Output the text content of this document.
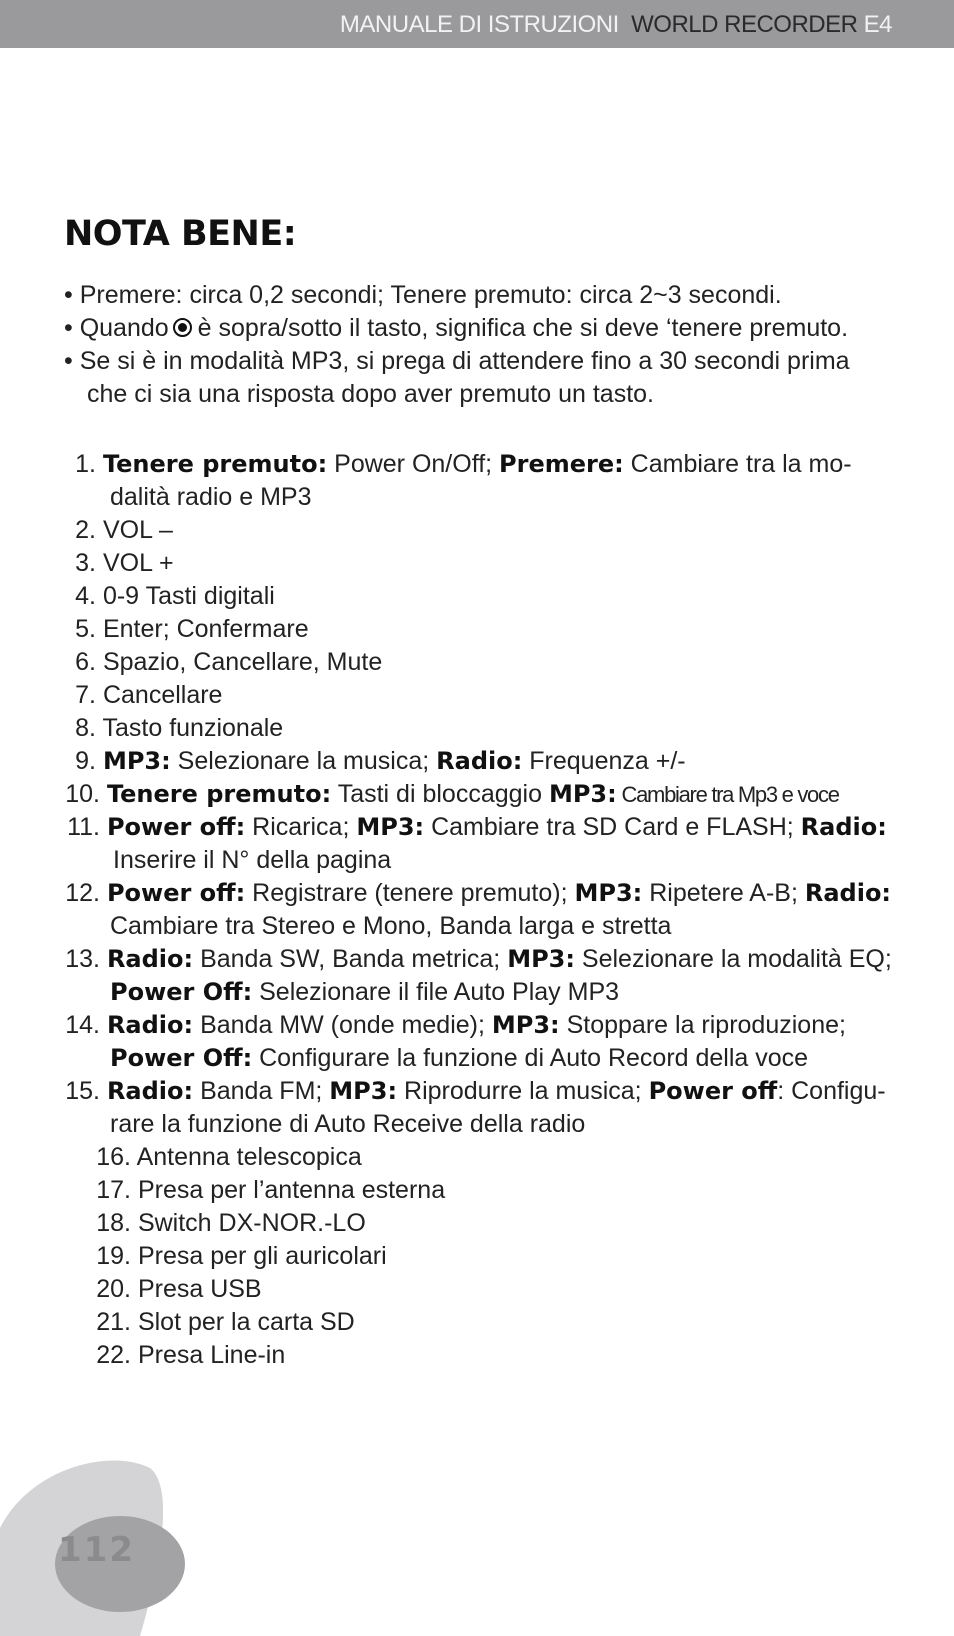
MANUALE DI ISTRUZIONI WORLD RECORDER E4
NOTA BENE:
• Premere: circa 0,2 secondi; Tenere premuto: circa 2~3 secondi.
• Quando è sopra/sotto il tasto, significa che si deve ‘tenere premuto.
• Se si è in modalità MP3, si prega di attendere fino a 30 secondi prima
che ci sia una risposta dopo aver premuto un tasto.
1. Tenere premuto: Power On/Off; Premere: Cambiare tra la mo-
dalità radio e MP3
2. VOL –
3. VOL +
4. 0-9 Tasti digitali
5. Enter; Confermare
6. Spazio, Cancellare, Mute
7. Cancellare
8. Tasto funzionale
9. MP3: Selezionare la musica; Radio: Frequenza +/-
10. Tenere premuto: Tasti di bloccaggio MP3: Cambiare tra Mp3 e voce
11. Power off: Ricarica; MP3: Cambiare tra SD Card e FLASH; Radio:
Inserire il N° della pagina
12. Power off: Registrare (tenere premuto); MP3: Ripetere A-B; Radio:
Cambiare tra Stereo e Mono, Banda larga e stretta
13. Radio: Banda SW, Banda metrica; MP3: Selezionare la modalità EQ;
Power Off: Selezionare il file Auto Play MP3
14. Radio: Banda MW (onde medie); MP3: Stoppare la riproduzione;
Power Off: Configurare la funzione di Auto Record della voce
15. Radio: Banda FM; MP3: Riprodurre la musica; Power off: Configu-
rare la funzione di Auto Receive della radio
16. Antenna telescopica
17. Presa per l’antenna esterna
18. Switch DX-NOR.-LO
19. Presa per gli auricolari
20. Presa USB
21. Slot per la carta SD
22. Presa Line-in
112
